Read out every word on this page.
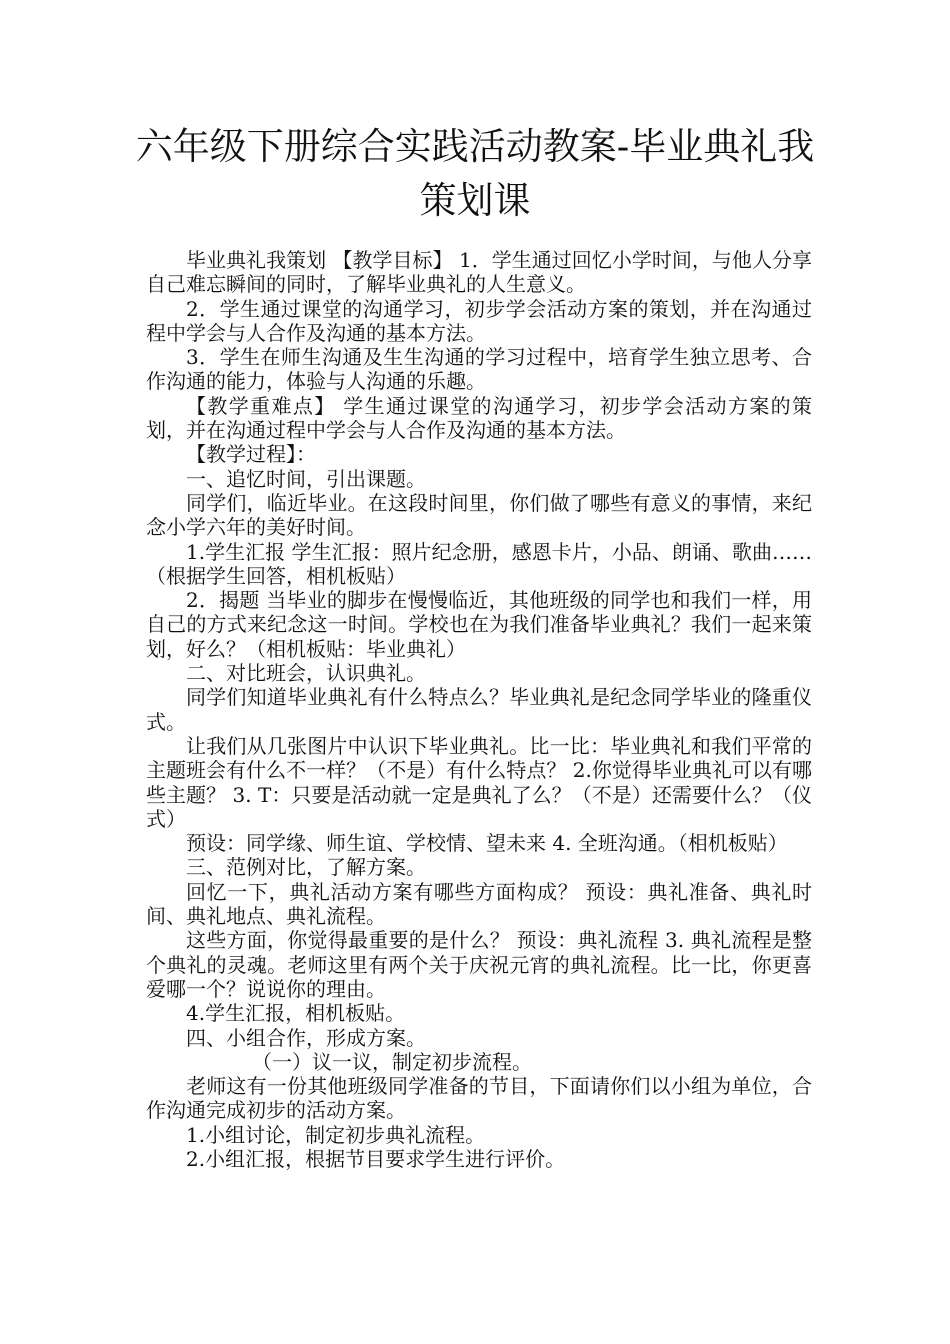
六年级下册综合实践活动教案-毕业典礼我策划课

毕业典礼我策划 【教学目标】 1．学生通过回忆小学时间，与他人分享自己难忘瞬间的同时，了解毕业典礼的人生意义。

2．学生通过课堂的沟通学习，初步学会活动方案的策划，并在沟通过程中学会与人合作及沟通的基本方法。

3．学生在师生沟通及生生沟通的学习过程中，培育学生独立思考、合作沟通的能力，体验与人沟通的乐趣。

【教学重难点】 学生通过课堂的沟通学习，初步学会活动方案的策划，并在沟通过程中学会与人合作及沟通的基本方法。

【教学过程】：

一、追忆时间，引出课题。

同学们，临近毕业。在这段时间里，你们做了哪些有意义的事情，来纪念小学六年的美好时间。

1.学生汇报 学生汇报：照片纪念册，感恩卡片，小品、朗诵、歌曲……（根据学生回答，相机板贴）

2．揭题 当毕业的脚步在慢慢临近，其他班级的同学也和我们一样，用自己的方式来纪念这一时间。学校也在为我们准备毕业典礼？我们一起来策划，好么？（相机板贴：毕业典礼）

二、对比班会，认识典礼。

同学们知道毕业典礼有什么特点么？毕业典礼是纪念同学毕业的隆重仪式。

让我们从几张图片中认识下毕业典礼。比一比：毕业典礼和我们平常的主题班会有什么不一样？（不是）有什么特点？ 2.你觉得毕业典礼可以有哪些主题？ 3. T：只要是活动就一定是典礼了么？（不是）还需要什么？（仪式）

预设：同学缘、师生谊、学校情、望未来 4. 全班沟通。（相机板贴）

三、范例对比，了解方案。

回忆一下，典礼活动方案有哪些方面构成？ 预设：典礼准备、典礼时间、典礼地点、典礼流程。

这些方面，你觉得最重要的是什么？ 预设：典礼流程 3. 典礼流程是整个典礼的灵魂。老师这里有两个关于庆祝元宵的典礼流程。比一比，你更喜爱哪一个？说说你的理由。

4.学生汇报，相机板贴。

四、小组合作，形成方案。

（一）议一议，制定初步流程。

老师这有一份其他班级同学准备的节目，下面请你们以小组为单位，合作沟通完成初步的活动方案。

1.小组讨论，制定初步典礼流程。

2.小组汇报，根据节目要求学生进行评价。
